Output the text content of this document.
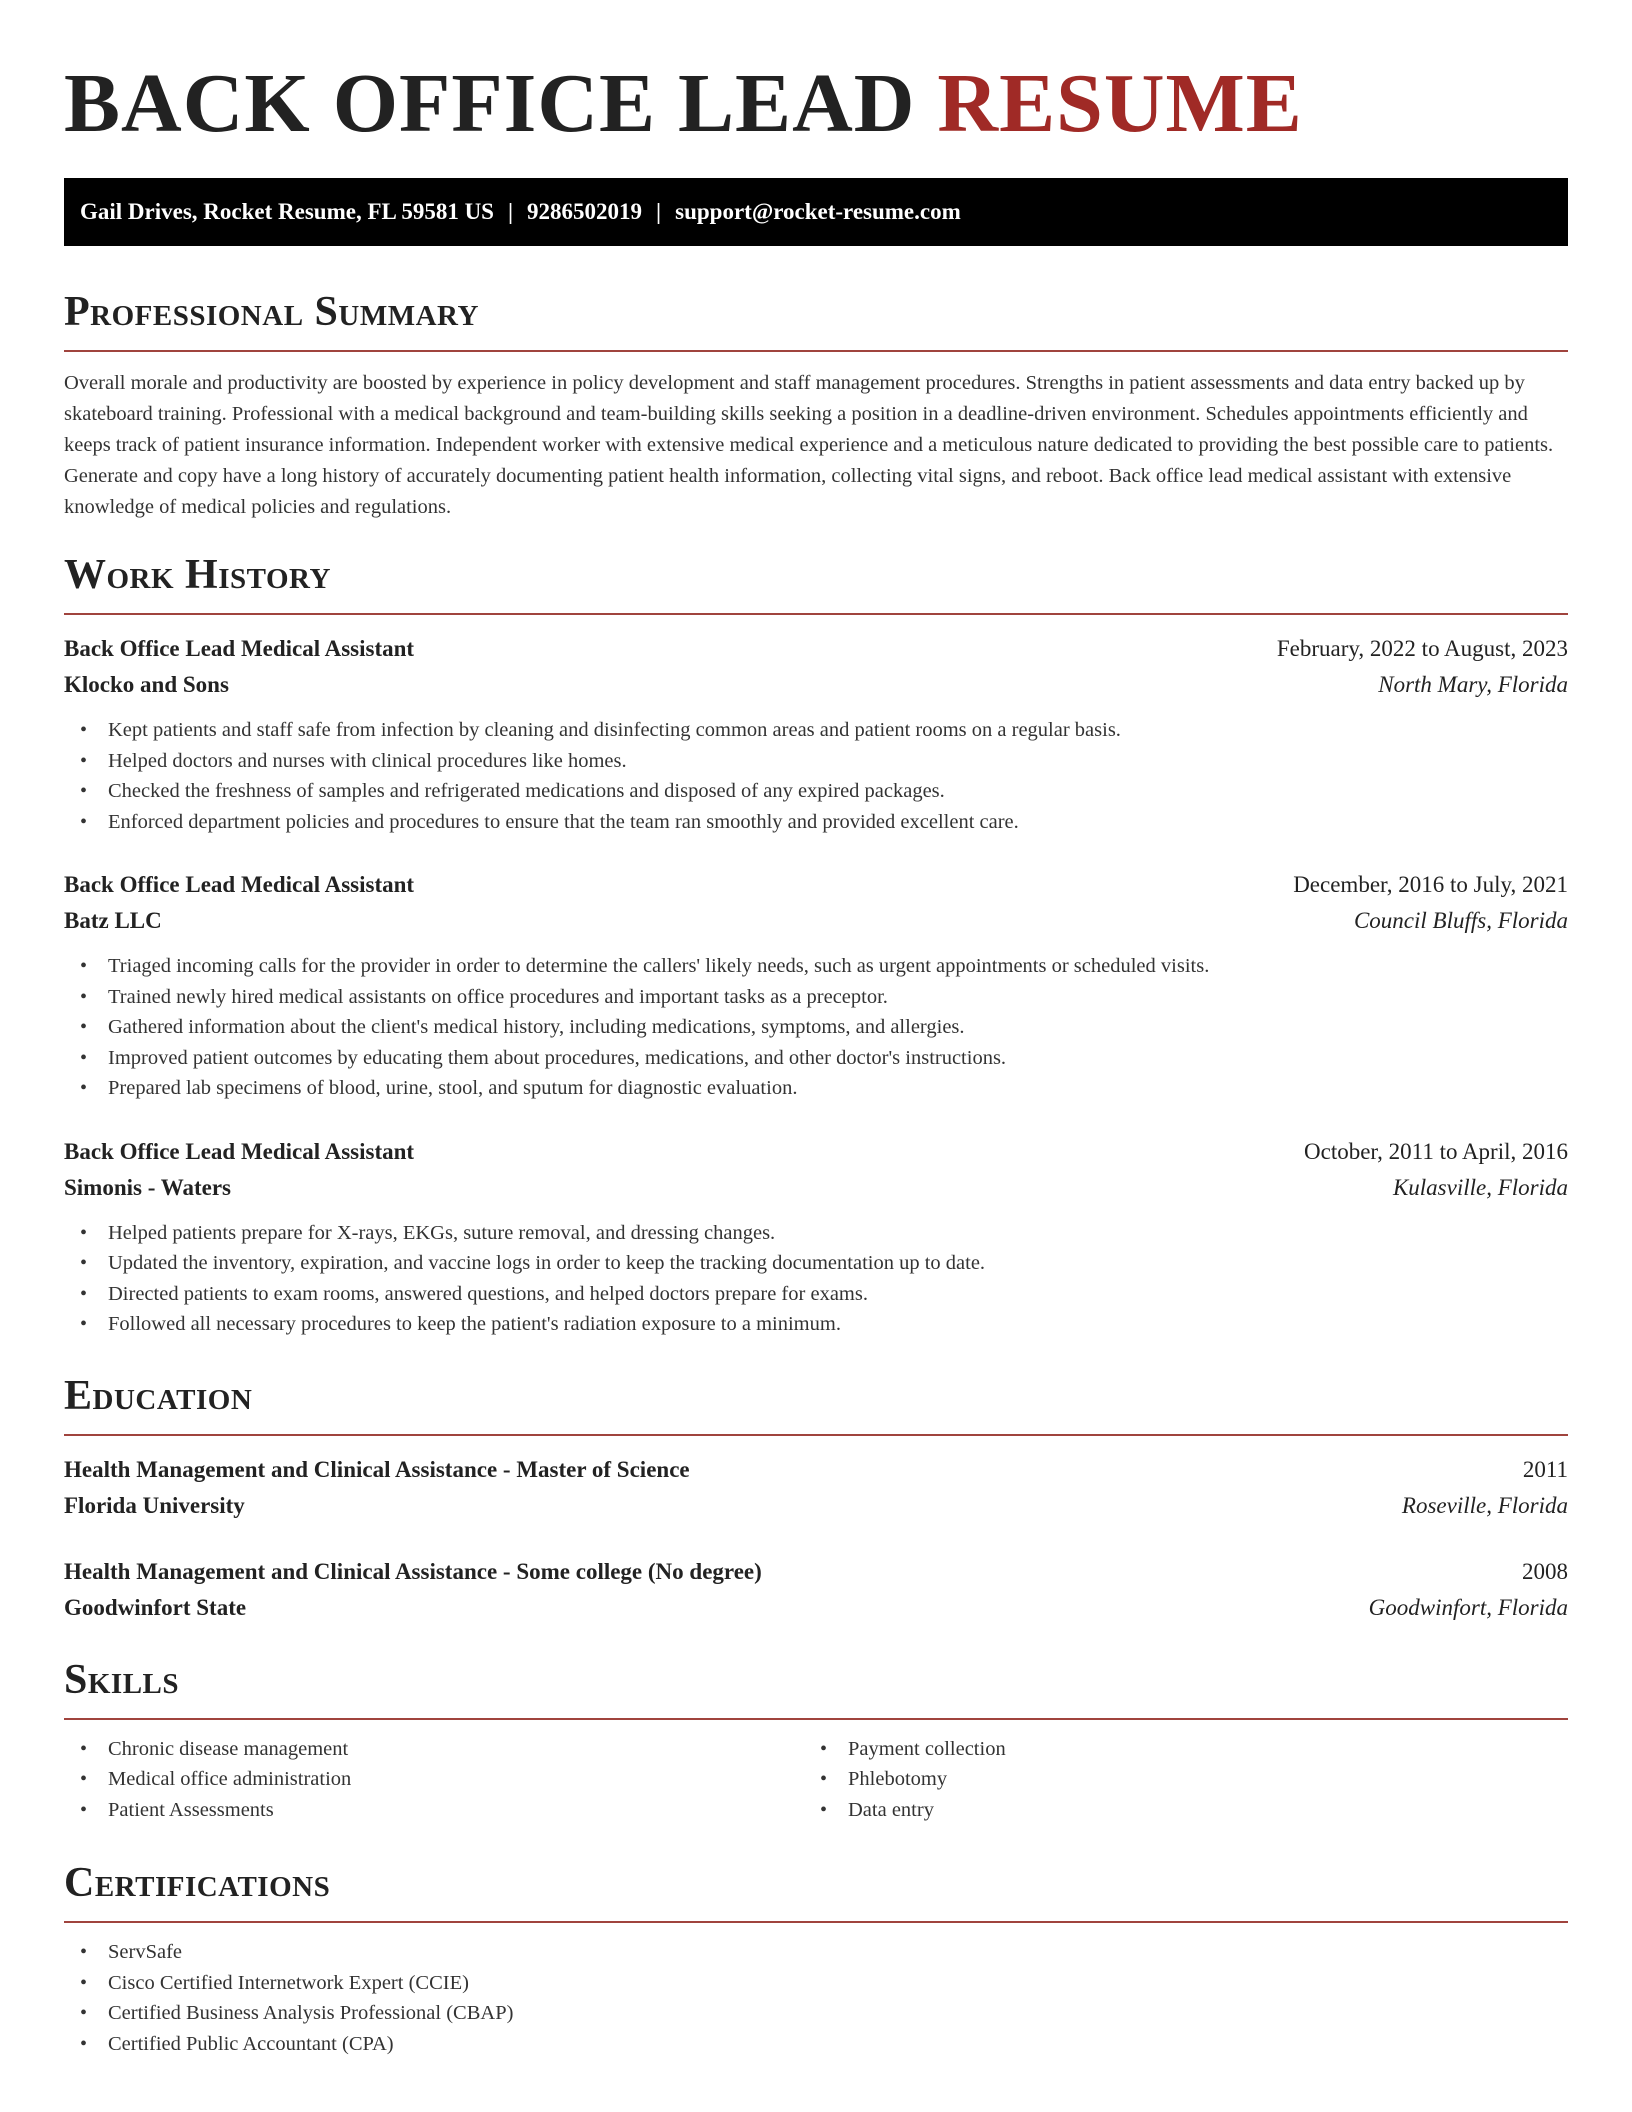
BACK OFFICE LEAD RESUME
Gail Drives, Rocket Resume, FL 59581 US | 9286502019 | support@rocket-resume.com
Professional Summary

Overall morale and productivity are boosted by experience in policy development and staff management procedures. Strengths in patient assessments and data entry backed up by skateboard training. Professional with a medical background and team-building skills seeking a position in a deadline-driven environment. Schedules appointments efficiently and keeps track of patient insurance information. Independent worker with extensive medical experience and a meticulous nature dedicated to providing the best possible care to patients. Generate and copy have a long history of accurately documenting patient health information, collecting vital signs, and reboot. Back office lead medical assistant with extensive knowledge of medical policies and regulations.

Work History
Back Office Lead Medical Assistant	February, 2022 to August, 2023
Klocko and Sons	North Mary, Florida
• Kept patients and staff safe from infection by cleaning and disinfecting common areas and patient rooms on a regular basis.
• Helped doctors and nurses with clinical procedures like homes.
• Checked the freshness of samples and refrigerated medications and disposed of any expired packages.
• Enforced department policies and procedures to ensure that the team ran smoothly and provided excellent care.
Back Office Lead Medical Assistant	December, 2016 to July, 2021
Batz LLC	Council Bluffs, Florida
• Triaged incoming calls for the provider in order to determine the callers' likely needs, such as urgent appointments or scheduled visits.
• Trained newly hired medical assistants on office procedures and important tasks as a preceptor.
• Gathered information about the client's medical history, including medications, symptoms, and allergies.
• Improved patient outcomes by educating them about procedures, medications, and other doctor's instructions.
• Prepared lab specimens of blood, urine, stool, and sputum for diagnostic evaluation.
Back Office Lead Medical Assistant	October, 2011 to April, 2016
Simonis - Waters	Kulasville, Florida
• Helped patients prepare for X-rays, EKGs, suture removal, and dressing changes.
• Updated the inventory, expiration, and vaccine logs in order to keep the tracking documentation up to date.
• Directed patients to exam rooms, answered questions, and helped doctors prepare for exams.
• Followed all necessary procedures to keep the patient's radiation exposure to a minimum.
Education
Health Management and Clinical Assistance - Master of Science	2011
Florida University	Roseville, Florida
Health Management and Clinical Assistance - Some college (No degree)	2008
Goodwinfort State	Goodwinfort, Florida
Skills
• Chronic disease management
• Medical office administration
• Patient Assessments
• Payment collection
• Phlebotomy
• Data entry
Certifications
• ServSafe
• Cisco Certified Internetwork Expert (CCIE)
• Certified Business Analysis Professional (CBAP)
• Certified Public Accountant (CPA)
